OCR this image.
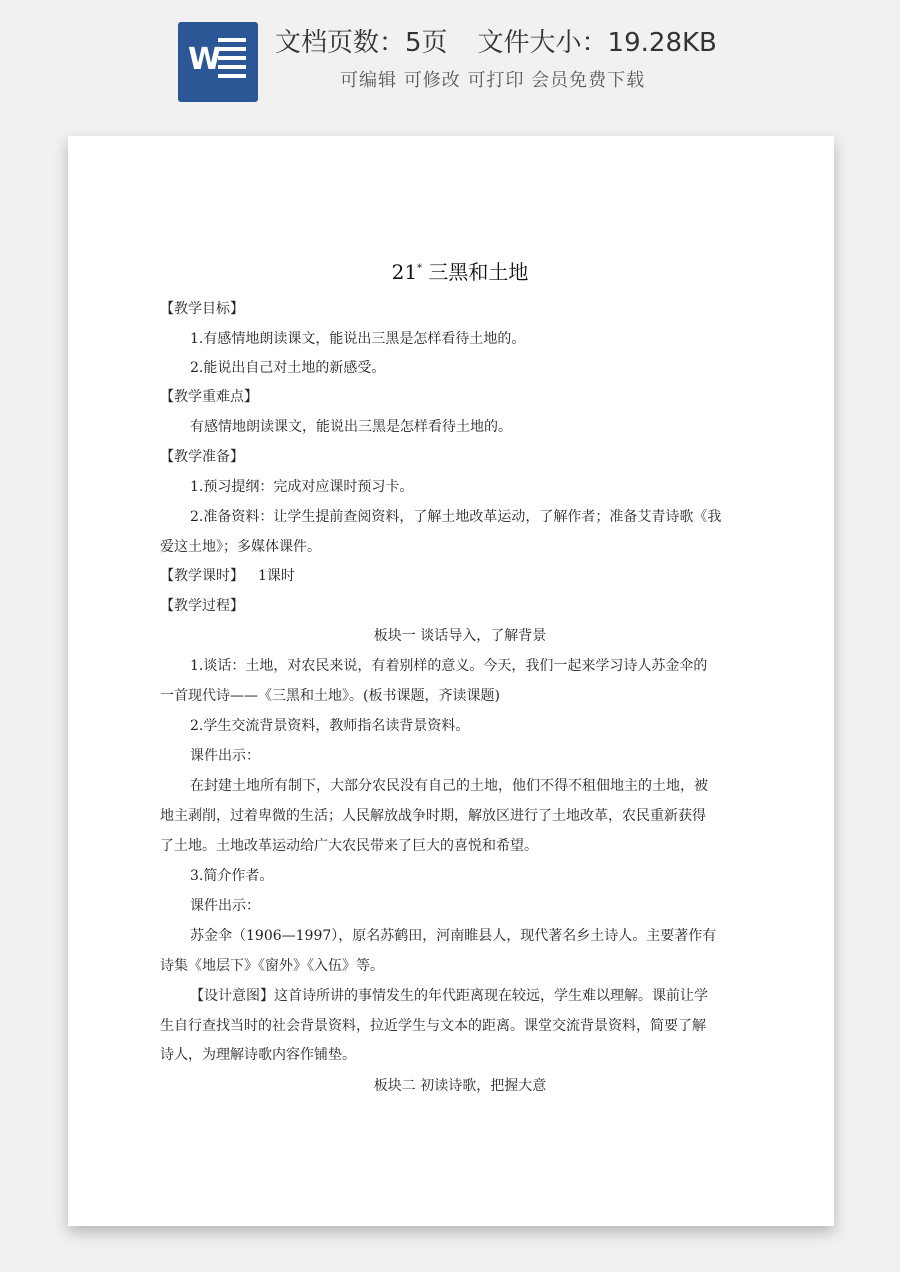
W 文档页数：5页 文件大小：19.28KB
可编辑 可修改 可打印 会员免费下载
21* 三黑和土地
【教学目标】
1.有感情地朗读课文，能说出三黑是怎样看待土地的。
2.能说出自己对土地的新感受。
【教学重难点】
有感情地朗读课文，能说出三黑是怎样看待土地的。
【教学准备】
1.预习提纲：完成对应课时预习卡。
2.准备资料：让学生提前查阅资料，了解土地改革运动，了解作者；准备艾青诗歌《我
爱这土地》；多媒体课件。
【教学课时】 1课时
【教学过程】
板块一 谈话导入，了解背景
1.谈话：土地，对农民来说，有着别样的意义。今天，我们一起来学习诗人苏金伞的
一首现代诗——《三黑和土地》。(板书课题，齐读课题)
2.学生交流背景资料，教师指名读背景资料。
课件出示：
在封建土地所有制下，大部分农民没有自己的土地，他们不得不租佃地主的土地，被
地主剥削，过着卑微的生活；人民解放战争时期，解放区进行了土地改革，农民重新获得
了土地。土地改革运动给广大农民带来了巨大的喜悦和希望。
3.简介作者。
课件出示：
苏金伞（1906—1997），原名苏鹤田，河南睢县人，现代著名乡土诗人。主要著作有
诗集《地层下》《窗外》《入伍》等。
【设计意图】这首诗所讲的事情发生的年代距离现在较远，学生难以理解。课前让学
生自行查找当时的社会背景资料，拉近学生与文本的距离。课堂交流背景资料，简要了解
诗人，为理解诗歌内容作铺垫。
板块二 初读诗歌，把握大意
